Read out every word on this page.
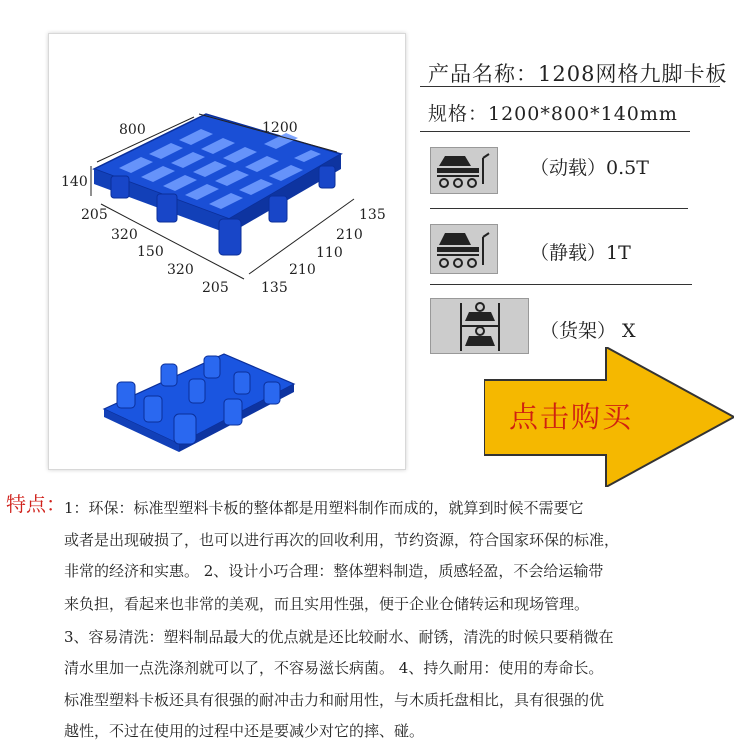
800	1200
140
205
320
150
320
205
135
210
110
210
135
产品名称：1208网格九脚卡板
规格：1200*800*140mm
（动载）0.5T
（静载）1T
（货架） X
点击购买
特点：
1：环保：标准型塑料卡板的整体都是用塑料制作而成的，就算到时候不需要它
或者是出现破损了，也可以进行再次的回收利用，节约资源，符合国家环保的标准，
非常的经济和实惠。 2、设计小巧合理：整体塑料制造，质感轻盈，不会给运输带
来负担，看起来也非常的美观，而且实用性强，便于企业仓储转运和现场管理。
3、容易清洗：塑料制品最大的优点就是还比较耐水、耐锈，清洗的时候只要稍微在
清水里加一点洗涤剂就可以了，不容易滋长病菌。 4、持久耐用：使用的寿命长。
标准型塑料卡板还具有很强的耐冲击力和耐用性，与木质托盘相比，具有很强的优
越性，不过在使用的过程中还是要减少对它的摔、碰。
